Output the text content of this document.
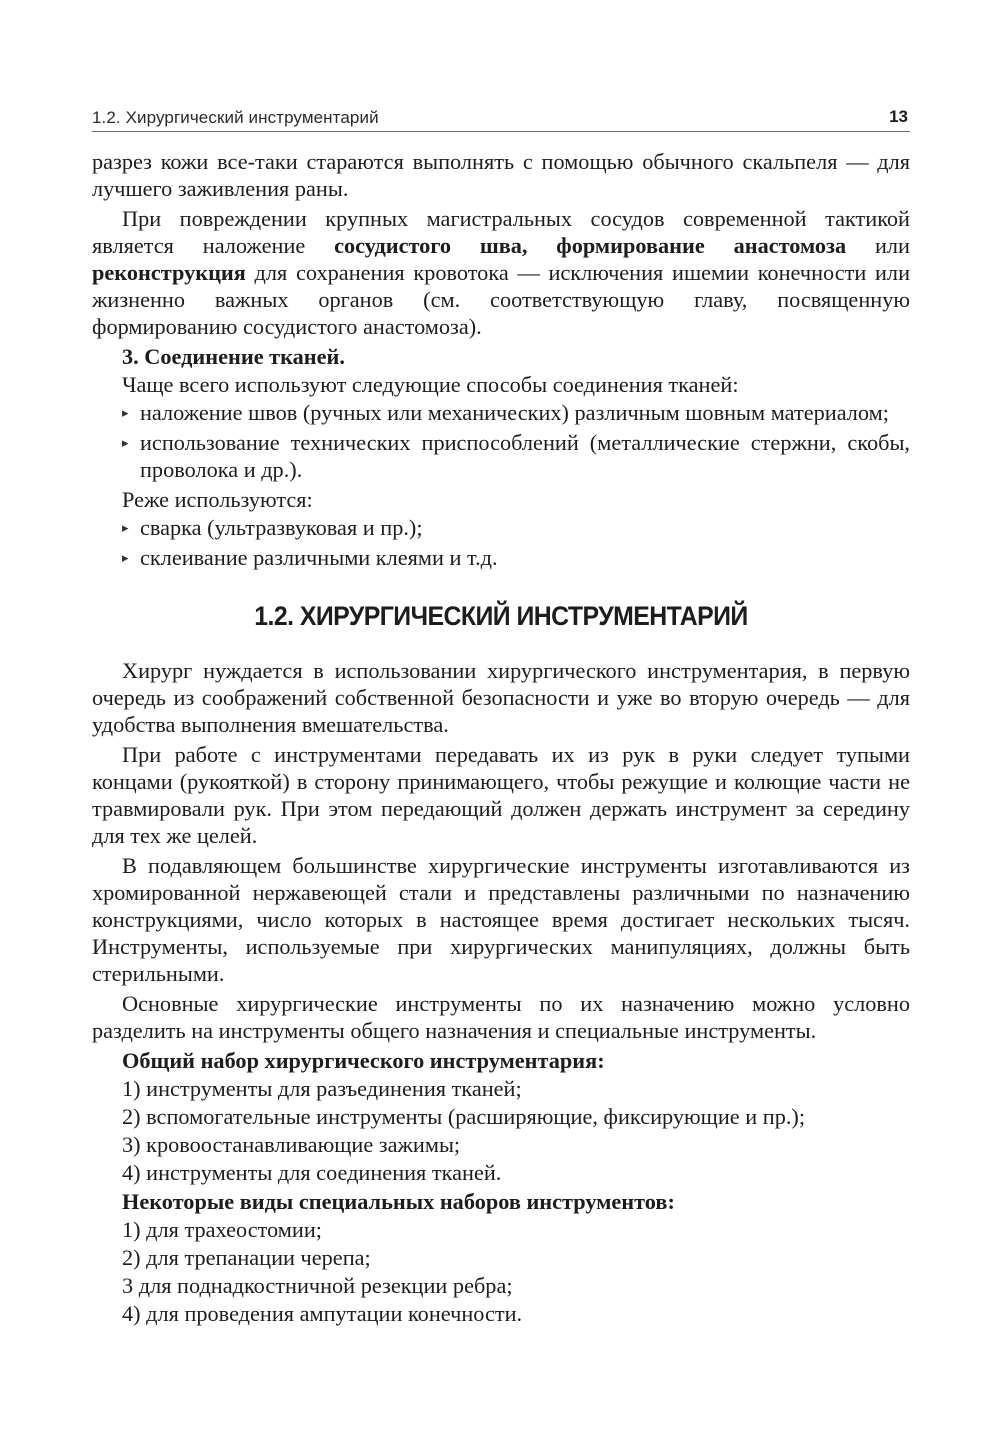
1.2. Хирургический инструментарий	13

разрез кожи все-таки стараются выполнять с помощью обычного скальпеля — для лучшего заживления раны.

При повреждении крупных магистральных сосудов современной тактикой является наложение сосудистого шва, формирование анастомоза или реконструкция для сохранения кровотока — исключения ишемии конечности или жизненно важных органов (см. соответствующую главу, посвященную формированию сосудистого анастомоза).

3. Соединение тканей.
Чаще всего используют следующие способы соединения тканей:
▸ наложение швов (ручных или механических) различным шовным материалом;
▸ использование технических приспособлений (металлические стержни, скобы, проволока и др.).
Реже используются:
▸ сварка (ультразвуковая и пр.);
▸ склеивание различными клеями и т.д.
1.2. ХИРУРГИЧЕСКИЙ ИНСТРУМЕНТАРИЙ

Хирург нуждается в использовании хирургического инструментария, в первую очередь из соображений собственной безопасности и уже во вторую очередь — для удобства выполнения вмешательства.

При работе с инструментами передавать их из рук в руки следует тупыми концами (рукояткой) в сторону принимающего, чтобы режущие и колющие части не травмировали рук. При этом передающий должен держать инструмент за середину для тех же целей.

В подавляющем большинстве хирургические инструменты изготавливаются из хромированной нержавеющей стали и представлены различными по назначению конструкциями, число которых в настоящее время достигает нескольких тысяч. Инструменты, используемые при хирургических манипуляциях, должны быть стерильными.

Основные хирургические инструменты по их назначению можно условно разделить на инструменты общего назначения и специальные инструменты.

Общий набор хирургического инструментария:
1) инструменты для разъединения тканей;
2) вспомогательные инструменты (расширяющие, фиксирующие и пр.);
3) кровоостанавливающие зажимы;
4) инструменты для соединения тканей.
Некоторые виды специальных наборов инструментов:
1) для трахеостомии;
2) для трепанации черепа;
3 для поднадкостничной резекции ребра;
4) для проведения ампутации конечности.
